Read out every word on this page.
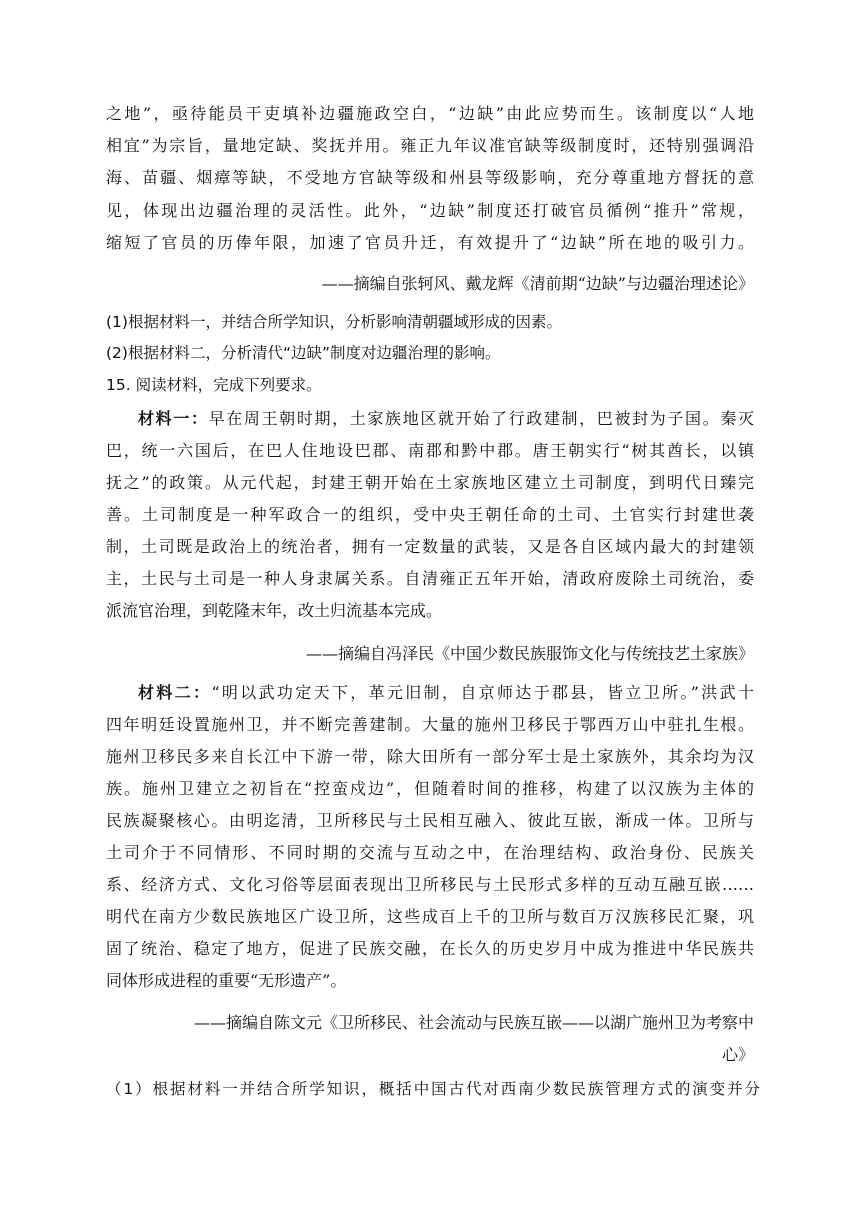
之地”，亟待能员干吏填补边疆施政空白，“边缺”由此应势而生。该制度以“人地
相宜”为宗旨，量地定缺、奖抚并用。雍正九年议准官缺等级制度时，还特别强调沿
海、苗疆、烟瘴等缺，不受地方官缺等级和州县等级影响，充分尊重地方督抚的意
见，体现出边疆治理的灵活性。此外，“边缺”制度还打破官员循例“推升”常规，
缩短了官员的历俸年限，加速了官员升迁，有效提升了“边缺”所在地的吸引力。
——摘编自张轲风、戴龙辉《清前期“边缺”与边疆治理述论》
(1)根据材料一，并结合所学知识，分析影响清朝疆域形成的因素。
(2)根据材料二，分析清代“边缺”制度对边疆治理的影响。
15. 阅读材料，完成下列要求。
材料一：早在周王朝时期，土家族地区就开始了行政建制，巴被封为子国。秦灭
巴，统一六国后，在巴人住地设巴郡、南郡和黔中郡。唐王朝实行“树其酋长，以镇
抚之”的政策。从元代起，封建王朝开始在土家族地区建立土司制度，到明代日臻完
善。土司制度是一种军政合一的组织，受中央王朝任命的土司、土官实行封建世袭
制，土司既是政治上的统治者，拥有一定数量的武装，又是各自区域内最大的封建领
主，土民与土司是一种人身隶属关系。自清雍正五年开始，清政府废除土司统治，委
派流官治理，到乾隆末年，改土归流基本完成。
——摘编自冯泽民《中国少数民族服饰文化与传统技艺土家族》
材料二：“明以武功定天下，革元旧制，自京师达于郡县，皆立卫所。”洪武十
四年明廷设置施州卫，并不断完善建制。大量的施州卫移民于鄂西万山中驻扎生根。
施州卫移民多来自长江中下游一带，除大田所有一部分军士是土家族外，其余均为汉
族。施州卫建立之初旨在“控蛮戍边”，但随着时间的推移，构建了以汉族为主体的
民族凝聚核心。由明迄清，卫所移民与土民相互融入、彼此互嵌，渐成一体。卫所与
土司介于不同情形、不同时期的交流与互动之中，在治理结构、政治身份、民族关
系、经济方式、文化习俗等层面表现出卫所移民与土民形式多样的互动互融互嵌……
明代在南方少数民族地区广设卫所，这些成百上千的卫所与数百万汉族移民汇聚，巩
固了统治、稳定了地方，促进了民族交融，在长久的历史岁月中成为推进中华民族共
同体形成进程的重要“无形遗产”。
——摘编自陈文元《卫所移民、社会流动与民族互嵌——以湖广施州卫为考察中
心》
（1）根据材料一并结合所学知识，概括中国古代对西南少数民族管理方式的演变并分
